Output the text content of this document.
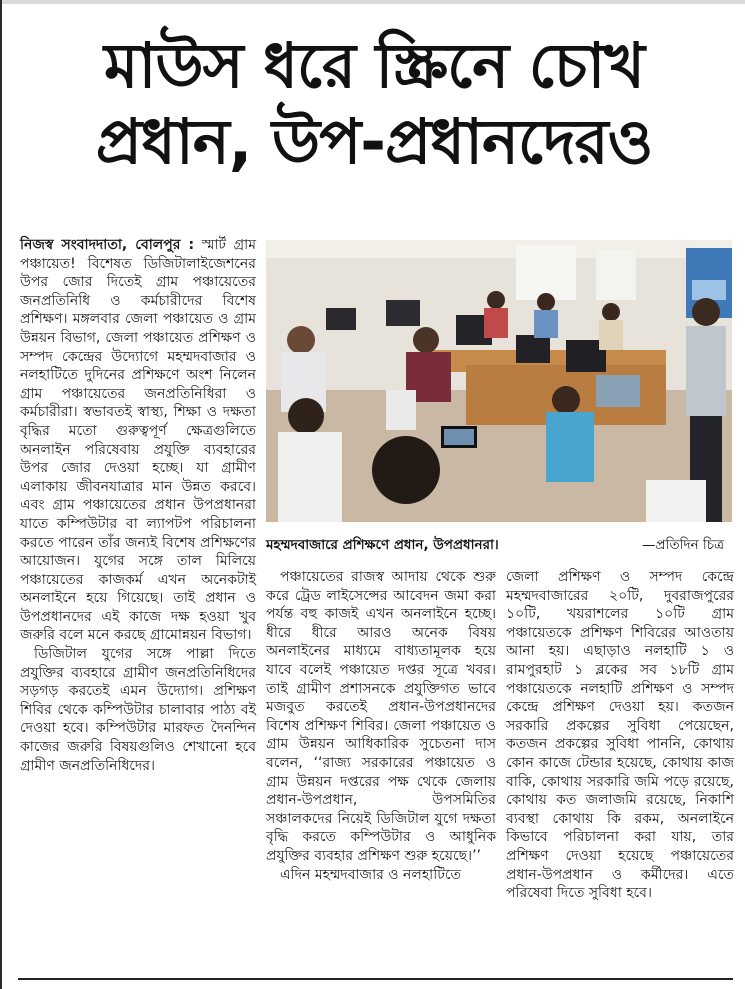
মাউস ধরে স্ক্রিনে চোখ
প্রধান, উপ-প্রধানদেরও

নিজস্ব সংবাদদাতা, বোলপুর : স্মার্ট গ্রাম পঞ্চায়েত! বিশেষত ডিজিটালাইজেশনের উপর জোর দিতেই গ্রাম পঞ্চায়েতের জনপ্রতিনিধি ও কর্মচারীদের বিশেষ প্রশিক্ষণ। মঙ্গলবার জেলা পঞ্চায়েত ও গ্রাম উন্নয়ন বিভাগ, জেলা পঞ্চায়েত প্রশিক্ষণ ও সম্পদ কেন্দ্রের উদ্যোগে মহম্মদবাজার ও নলহাটিতে দুদিনের প্রশিক্ষণে অংশ নিলেন গ্রাম পঞ্চায়েতের জনপ্রতিনিধিরা ও কর্মচারীরা। স্বভাবতই স্বাস্থ্য, শিক্ষা ও দক্ষতা বৃদ্ধির মতো গুরুত্বপূর্ণ ক্ষেত্রগুলিতে অনলাইন পরিষেবায় প্রযুক্তি ব্যবহারের উপর জোর দেওয়া হচ্ছে। যা গ্রামীণ এলাকায় জীবনযাত্রার মান উন্নত করবে। এবং গ্রাম পঞ্চায়েতের প্রধান উপপ্রধানরা যাতে কম্পিউটার বা ল্যাপটপ পরিচালনা করতে পারেন তাঁর জন্যই বিশেষ প্রশিক্ষণের আয়োজন। যুগের সঙ্গে তাল মিলিয়ে পঞ্চায়েতের কাজকর্ম এখন অনেকটাই অনলাইনে হয়ে গিয়েছে। তাই প্রধান ও উপপ্রধানদের এই কাজে দক্ষ হওয়া খুব জরুরি বলে মনে করছে গ্রামোন্নয়ন বিভাগ।

ডিজিটাল যুগের সঙ্গে পাল্লা দিতে প্রযুক্তির ব্যবহারে গ্রামীণ জনপ্রতিনিধিদের সড়গড় করতেই এমন উদ্যোগ। প্রশিক্ষণ শিবির থেকে কম্পিউটার চালাবার পাঠ্য বই দেওয়া হবে। কম্পিউটার মারফত দৈনন্দিন কাজের জরুরি বিষয়গুলিও শেখানো হবে গ্রামীণ জনপ্রতিনিধিদের।

মহম্মদবাজারে প্রশিক্ষণে প্রধান, উপপ্রধানরা।	—প্রতিদিন চিত্র

পঞ্চায়েতের রাজস্ব আদায় থেকে শুরু করে ট্রেড লাইসেন্সের আবেদন জমা করা পর্যন্ত বহু কাজই এখন অনলাইনে হচ্ছে। ধীরে ধীরে আরও অনেক বিষয় অনলাইনের মাধ্যমে বাধ্যতামূলক হয়ে যাবে বলেই পঞ্চায়েত দপ্তর সূত্রে খবর। তাই গ্রামীণ প্রশাসনকে প্রযুক্তিগত ভাবে মজবুত করতেই প্রধান-উপপ্রধানদের বিশেষ প্রশিক্ষণ শিবির। জেলা পঞ্চায়েত ও গ্রাম উন্নয়ন আধিকারিক সুচেতনা দাস বলেন, ‘‘রাজ্য সরকারের পঞ্চায়েত ও গ্রাম উন্নয়ন দপ্তরের পক্ষ থেকে জেলায় প্রধান-উপপ্রধান, উপসমিতির সঞ্চালকদের নিয়েই ডিজিটাল যুগে দক্ষতা বৃদ্ধি করতে কম্পিউটার ও আধুনিক প্রযুক্তির ব্যবহার প্রশিক্ষণ শুরু হয়েছে।’’

এদিন মহম্মদবাজার ও নলহাটিতে

জেলা প্রশিক্ষণ ও সম্পদ কেন্দ্রে মহম্মদবাজারের ২০টি, দুবরাজপুরের ১০টি, খয়রাশলের ১০টি গ্রাম পঞ্চায়েতকে প্রশিক্ষণ শিবিরের আওতায় আনা হয়। এছাড়াও নলহাটি ১ ও রামপুরহাট ১ ব্লকের সব ১৮টি গ্রাম পঞ্চায়েতকে নলহাটি প্রশিক্ষণ ও সম্পদ কেন্দ্রে প্রশিক্ষণ দেওয়া হয়। কতজন সরকারি প্রকল্পের সুবিধা পেয়েছেন, কতজন প্রকল্পের সুবিধা পাননি, কোথায় কোন কাজে টেন্ডার হয়েছে, কোথায় কাজ বাকি, কোথায় সরকারি জমি পড়ে রয়েছে, কোথায় কত জলাজমি রয়েছে, নিকাশি ব্যবস্থা কোথায় কি রকম, অনলাইনে কিভাবে পরিচালনা করা যায়, তার প্রশিক্ষণ দেওয়া হয়েছে পঞ্চায়েতের প্রধান-উপপ্রধান ও কর্মীদের। এতে পরিষেবা দিতে সুবিধা হবে।
